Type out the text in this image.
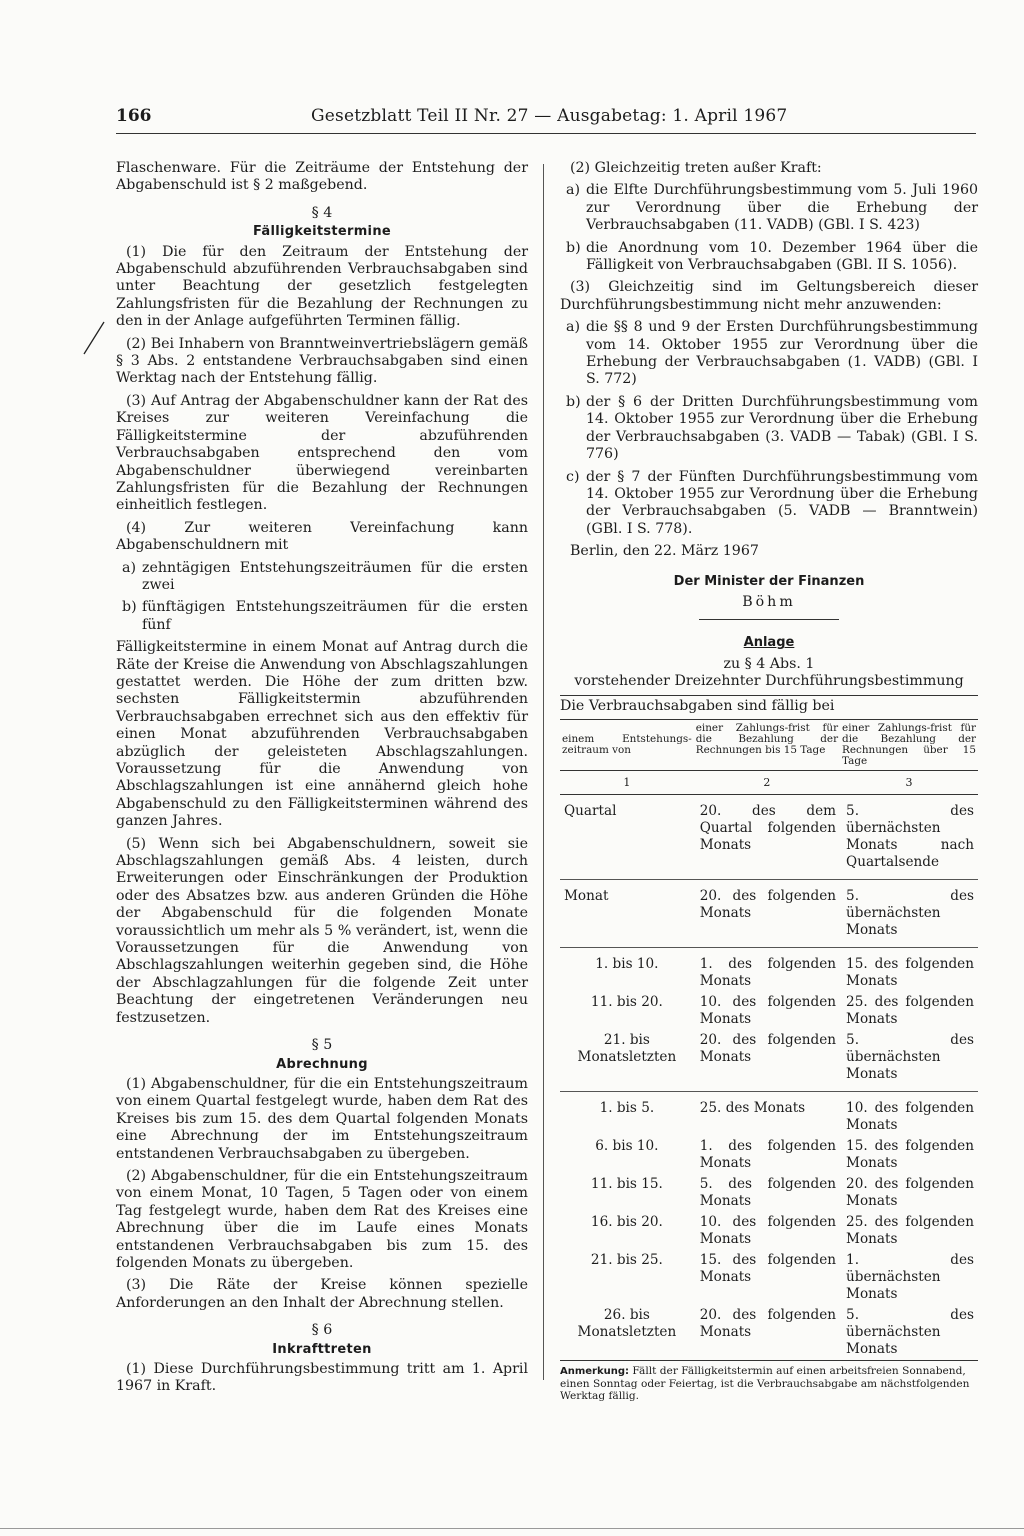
166	Gesetzblatt Teil II Nr. 27 — Ausgabetag: 1. April 1967

Flaschenware. Für die Zeiträume der Entstehung der Abgabenschuld ist § 2 maßgebend.

§ 4
Fälligkeitstermine

(1) Die für den Zeitraum der Entstehung der Abgabenschuld abzuführenden Verbrauchsabgaben sind unter Beachtung der gesetzlich festgelegten Zahlungsfristen für die Bezahlung der Rechnungen zu den in der Anlage aufgeführten Terminen fällig.

(2) Bei Inhabern von Branntweinvertriebslägern gemäß § 3 Abs. 2 entstandene Verbrauchsabgaben sind einen Werktag nach der Entstehung fällig.

(3) Auf Antrag der Abgabenschuldner kann der Rat des Kreises zur weiteren Vereinfachung die Fälligkeitstermine der abzuführenden Verbrauchsabgaben entsprechend den vom Abgabenschuldner überwiegend vereinbarten Zahlungsfristen für die Bezahlung der Rechnungen einheitlich festlegen.

(4) Zur weiteren Vereinfachung kann Abgabenschuldnern mit

a) zehntägigen Entstehungszeiträumen für die ersten zwei
b) fünftägigen Entstehungszeiträumen für die ersten fünf

Fälligkeitstermine in einem Monat auf Antrag durch die Räte der Kreise die Anwendung von Abschlagszahlungen gestattet werden. Die Höhe der zum dritten bzw. sechsten Fälligkeitstermin abzuführenden Verbrauchsabgaben errechnet sich aus den effektiv für einen Monat abzuführenden Verbrauchsabgaben abzüglich der geleisteten Abschlagszahlungen. Voraussetzung für die Anwendung von Abschlagszahlungen ist eine annähernd gleich hohe Abgabenschuld zu den Fälligkeitsterminen während des ganzen Jahres.

(5) Wenn sich bei Abgabenschuldnern, soweit sie Abschlagszahlungen gemäß Abs. 4 leisten, durch Erweiterungen oder Einschränkungen der Produktion oder des Absatzes bzw. aus anderen Gründen die Höhe der Abgabenschuld für die folgenden Monate voraussichtlich um mehr als 5 % verändert, ist, wenn die Voraussetzungen für die Anwendung von Abschlagszahlungen weiterhin gegeben sind, die Höhe der Abschlagzahlungen für die folgende Zeit unter Beachtung der eingetretenen Veränderungen neu festzusetzen.

§ 5
Abrechnung

(1) Abgabenschuldner, für die ein Entstehungszeitraum von einem Quartal festgelegt wurde, haben dem Rat des Kreises bis zum 15. des dem Quartal folgenden Monats eine Abrechnung der im Entstehungszeitraum entstandenen Verbrauchsabgaben zu übergeben.

(2) Abgabenschuldner, für die ein Entstehungszeitraum von einem Monat, 10 Tagen, 5 Tagen oder von einem Tag festgelegt wurde, haben dem Rat des Kreises eine Abrechnung über die im Laufe eines Monats entstandenen Verbrauchsabgaben bis zum 15. des folgenden Monats zu übergeben.

(3) Die Räte der Kreise können spezielle Anforderungen an den Inhalt der Abrechnung stellen.

§ 6
Inkrafttreten

(1) Diese Durchführungsbestimmung tritt am 1. April 1967 in Kraft.

(2) Gleichzeitig treten außer Kraft:

a) die Elfte Durchführungsbestimmung vom 5. Juli 1960 zur Verordnung über die Erhebung der Verbrauchsabgaben (11. VADB) (GBl. I S. 423)
b) die Anordnung vom 10. Dezember 1964 über die Fälligkeit von Verbrauchsabgaben (GBl. II S. 1056).

(3) Gleichzeitig sind im Geltungsbereich dieser Durchführungsbestimmung nicht mehr anzuwenden:

a) die §§ 8 und 9 der Ersten Durchführungsbestimmung vom 14. Oktober 1955 zur Verordnung über die Erhebung der Verbrauchsabgaben (1. VADB) (GBl. I S. 772)
b) der § 6 der Dritten Durchführungsbestimmung vom 14. Oktober 1955 zur Verordnung über die Erhebung der Verbrauchsabgaben (3. VADB — Tabak) (GBl. I S. 776)
c) der § 7 der Fünften Durchführungsbestimmung vom 14. Oktober 1955 zur Verordnung über die Erhebung der Verbrauchsabgaben (5. VADB — Branntwein) (GBl. I S. 778).

Berlin, den 22. März 1967

Der Minister der Finanzen
Böhm
Anlage
zu § 4 Abs. 1
vorstehender Dreizehnter Durchführungsbestimmung
Die Verbrauchsabgaben sind fällig bei
einem Entstehungs-zeitraum von	einer Zahlungs-frist für die Bezahlung der Rechnungen bis 15 Tage	einer Zahlungs-frist für die Bezahlung der Rechnungen über 15 Tage
1	2	3
Quartal	20. des dem Quartal folgenden Monats	5. des übernächsten Monats nach Quartalsende
Monat	20. des folgenden Monats	5. des übernächsten Monats
1. bis 10.	1. des folgenden Monats	15. des folgenden Monats
11. bis 20.	10. des folgenden Monats	25. des folgenden Monats
21. bis Monatsletzten	20. des folgenden Monats	5. des übernächsten Monats
1. bis 5.	25. des Monats	10. des folgenden Monats
6. bis 10.	1. des folgenden Monats	15. des folgenden Monats
11. bis 15.	5. des folgenden Monats	20. des folgenden Monats
16. bis 20.	10. des folgenden Monats	25. des folgenden Monats
21. bis 25.	15. des folgenden Monats	1. des übernächsten Monats
26. bis Monatsletzten	20. des folgenden Monats	5. des übernächsten Monats
Anmerkung: Fällt der Fälligkeitstermin auf einen arbeitsfreien Sonnabend, einen Sonntag oder Feiertag, ist die Verbrauchsabgabe am nächstfolgenden Werktag fällig.
